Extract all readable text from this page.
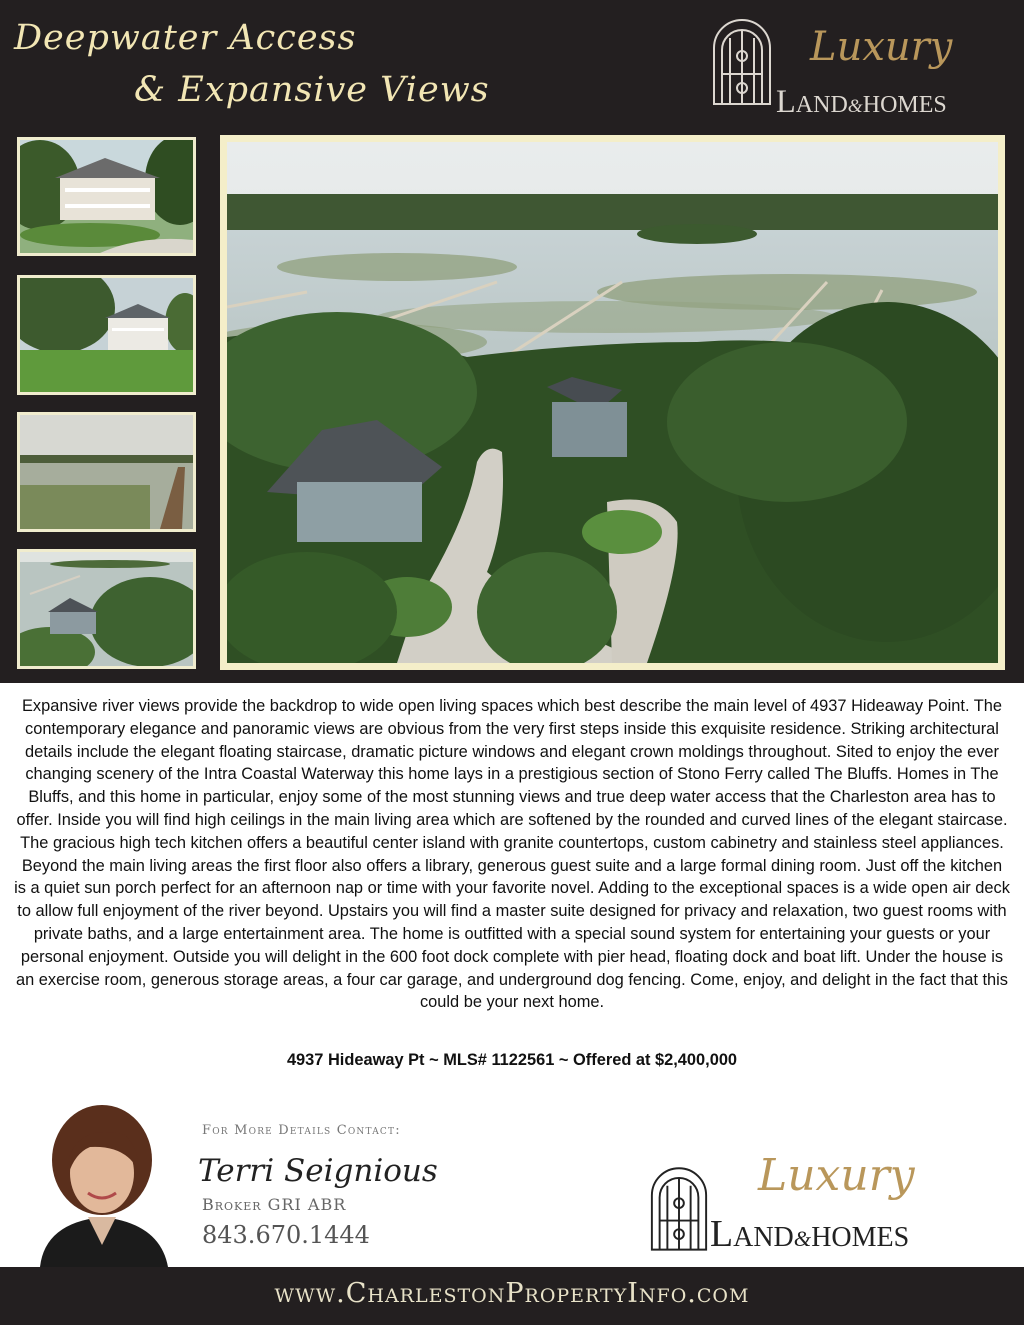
Deepwater Access
& Expansive Views
Luxury
LAND&HOMES

Expansive river views provide the backdrop to wide open living spaces which best describe the main level of 4937 Hideaway Point. The contemporary elegance and panoramic views are obvious from the very first steps inside this exquisite residence. Striking architectural details include the elegant floating staircase, dramatic picture windows and elegant crown moldings throughout. Sited to enjoy the ever changing scenery of the Intra Coastal Waterway this home lays in a prestigious section of Stono Ferry called The Bluffs. Homes in The Bluffs, and this home in particular, enjoy some of the most stunning views and true deep water access that the Charleston area has to offer. Inside you will find high ceilings in the main living area which are softened by the rounded and curved lines of the elegant staircase. The gracious high tech kitchen offers a beautiful center island with granite countertops, custom cabinetry and stainless steel appliances. Beyond the main living areas the first floor also offers a library, generous guest suite and a large formal dining room. Just off the kitchen is a quiet sun porch perfect for an afternoon nap or time with your favorite novel. Adding to the exceptional spaces is a wide open air deck to allow full enjoyment of the river beyond. Upstairs you will find a master suite designed for privacy and relaxation, two guest rooms with private baths, and a large entertainment area. The home is outfitted with a special sound system for entertaining your guests or your personal enjoyment. Outside you will delight in the 600 foot dock complete with pier head, floating dock and boat lift. Under the house is an exercise room, generous storage areas, a four car garage, and underground dog fencing. Come, enjoy, and delight in the fact that this could be your next home.

4937 Hideaway Pt ~ MLS# 1122561 ~ Offered at $2,400,000
For More Details Contact:
Terri Seignious
Broker GRI ABR
843.670.1444
Luxury
LAND&HOMES
www.CharlestonPropertyInfo.com
